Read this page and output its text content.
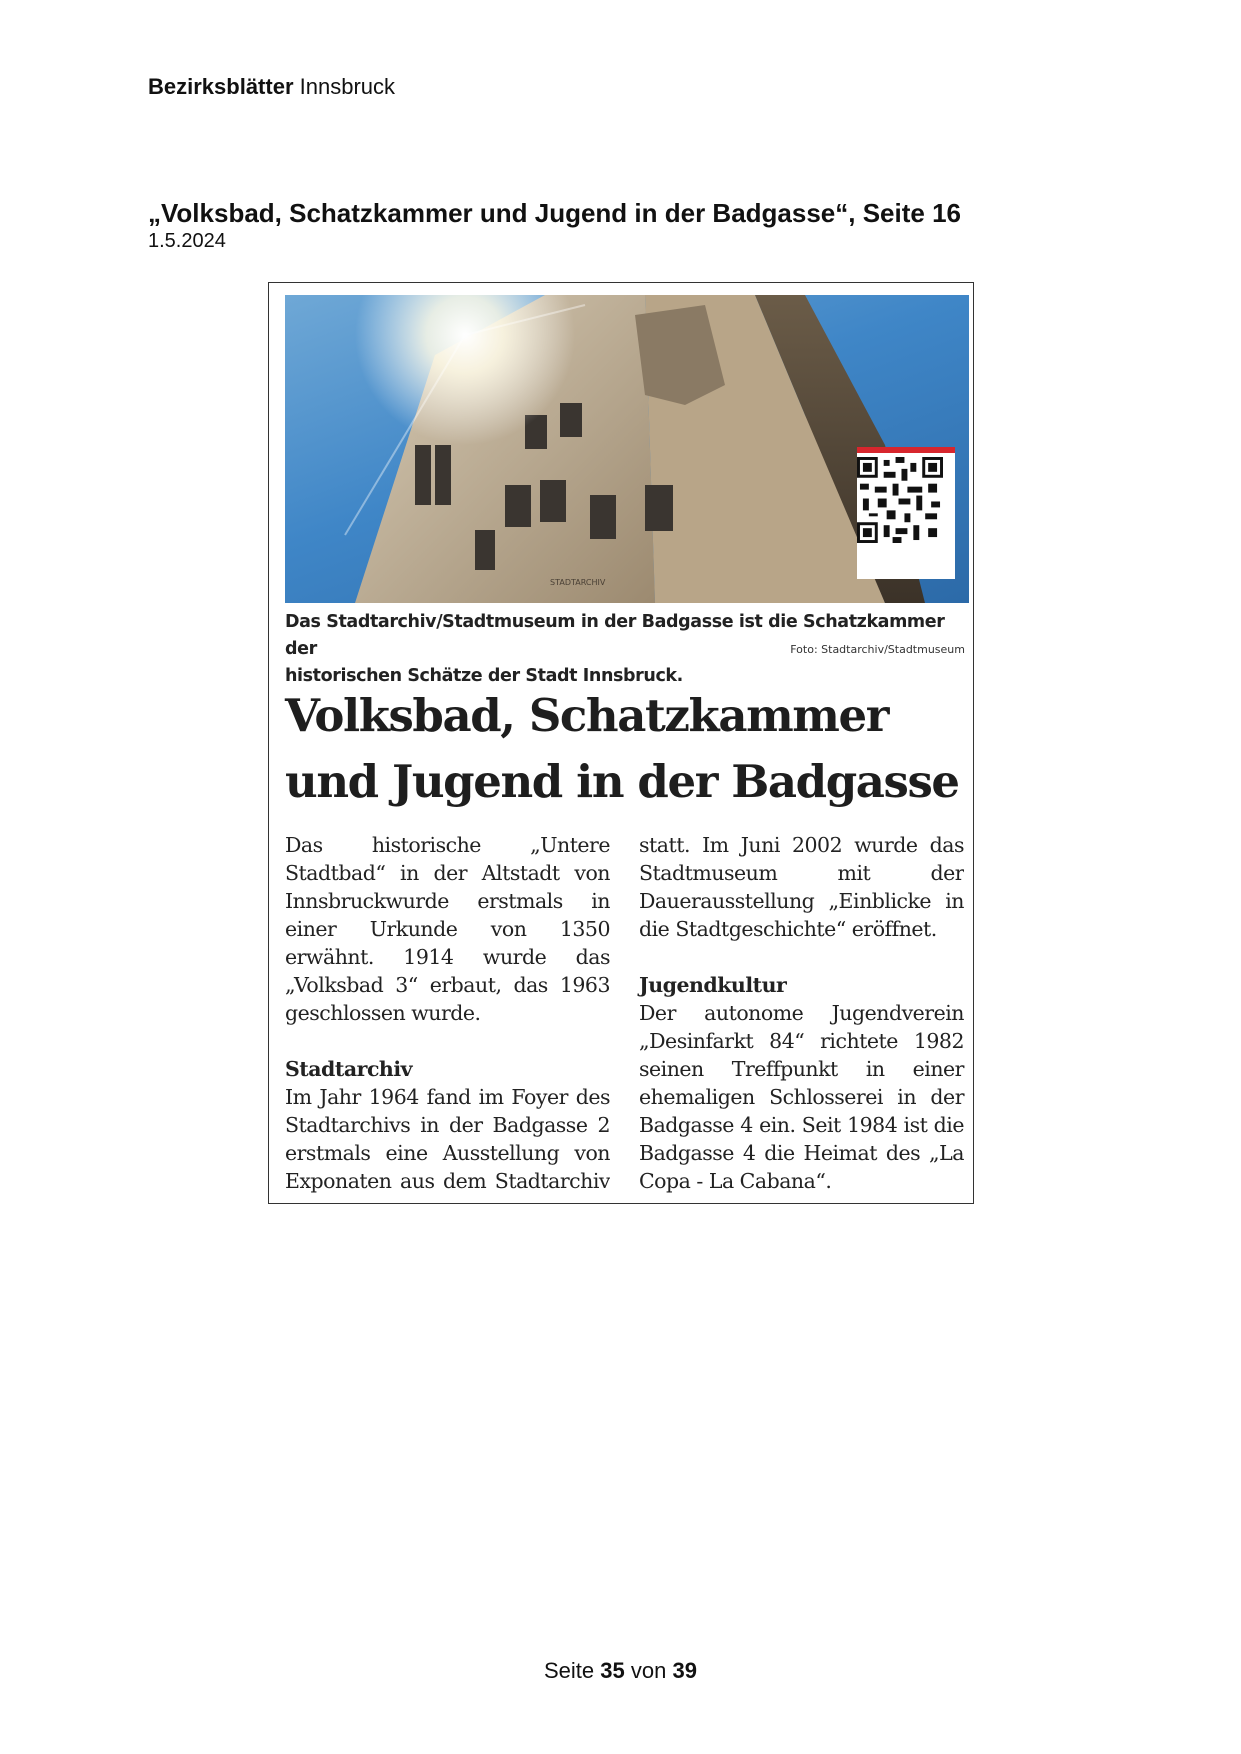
Bezirksblätter Innsbruck
„Volksbad, Schatzkammer und Jugend in der Badgasse“, Seite 16
1.5.2024
STADTARCHIV
Das Stadtarchiv/Stadtmuseum in der Badgasse ist die Schatzkammer der
historischen Schätze der Stadt Innsbruck.
Foto: Stadtarchiv/Stadtmuseum
Volksbad, Schatzkammer
und Jugend in der Badgasse

Das historische „Untere Stadtbad“ in der Altstadt von Innsbruckwurde erstmals in einer Urkunde von 1350 erwähnt. 1914 wurde das „Volksbad 3“ erbaut, das 1963 geschlossen wurde.

Stadtarchiv

Im Jahr 1964 fand im Foyer des Stadtarchivs in der Badgasse 2 erstmals eine Ausstellung von Exponaten aus dem Stadtarchiv

statt. Im Juni 2002 wurde das Stadtmuseum mit der Dauerausstellung „Einblicke in die Stadtgeschichte“ eröffnet.

Jugendkultur

Der autonome Jugendverein „Desinfarkt 84“ richtete 1982 seinen Treffpunkt in einer ehemaligen Schlosserei in der Badgasse 4 ein. Seit 1984 ist die Badgasse 4 die Heimat des „La Copa - La Cabana“.

Seite 35 von 39
